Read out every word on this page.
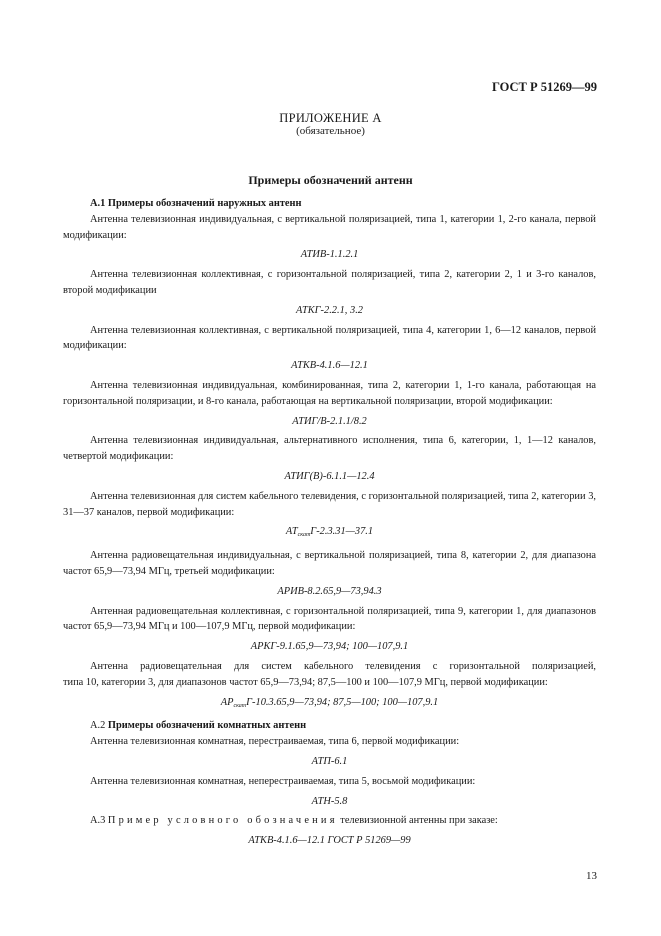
ГОСТ Р 51269—99
ПРИЛОЖЕНИЕ А
(обязательное)
Примеры обозначений антенн

А.1 Примеры обозначений наружных антенн

Антенна телевизионная индивидуальная, с вертикальной поляризацией, типа 1, категории 1, 2-го канала, первой модификации:

АТИВ-1.1.2.1

Антенна телевизионная коллективная, с горизонтальной поляризацией, типа 2, категории 2, 1 и 3-го каналов, второй модификации

АТКГ-2.2.1, 3.2

Антенна телевизионная коллективная, с вертикальной поляризацией, типа 4, категории 1, 6—12 каналов, первой модификации:

АТКВ-4.1.6—12.1

Антенна телевизионная индивидуальная, комбинированная, типа 2, категории 1, 1-го канала, работающая на горизонтальной поляризации, и 8-го канала, работающая на вертикальной поляризации, второй модификации:

АТИГ/В-2.1.1/8.2

Антенна телевизионная индивидуальная, альтернативного исполнения, типа 6, категории, 1, 1—12 каналов, четвертой модификации:

АТИГ(В)-6.1.1—12.4

Антенна телевизионная для систем кабельного телевидения, с горизонтальной поляризацией, типа 2, категории 3, 31—37 каналов, первой модификации:

$АТ_{скат}Г-2.3.31—37.1$

Антенна радиовещательная индивидуальная, с вертикальной поляризацией, типа 8, категории 2, для диапазона частот 65,9—73,94 МГц, третьей модификации:

АРИВ-8.2.65,9—73,94.3

Антенная радиовещательная коллективная, с горизонтальной поляризацией, типа 9, категории 1, для диапазонов частот 65,9—73,94 МГц и 100—107,9 МГц, первой модификации:

АРКГ-9.1.65,9—73,94; 100—107,9.1

Антенна радиовещательная для систем кабельного телевидения с горизонтальной поляризацией,

типа 10, категории 3, для диапазонов частот 65,9—73,94; 87,5—100 и 100—107,9 МГц, первой модификации:

$АР_{скат}Г-10.3.65,9—73,94$; 87,5—100; 100—107,9.1

А.2 Примеры обозначений комнатных антенн

Антенна телевизионная комнатная, перестраиваемая, типа 6, первой модификации:

АТП-6.1

Антенна телевизионная комнатная, неперестраиваемая, типа 5, восьмой модификации:

АТН-5.8

А.3 Пример условного обозначения телевизионной антенны при заказе:

АТКВ-4.1.6—12.1 ГОСТ Р 51269—99

13
